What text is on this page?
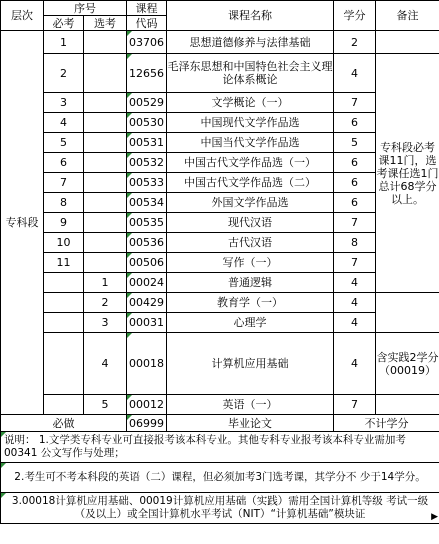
层次	序号		课程	课程名称	学分	备注
	必考	选考	代码			
专科段	1		03706	思想道德修养与法律基础	2	
	2		12656	毛泽东思想和中国特色社会主义理论体系概论	4	专科段必考课11门，选考课任选1门总计68学分以上。
	3		00529	文学概论（一）	7	
	4		00530	中国现代文学作品选	6	
	5		00531	中国当代文学作品选	5	
	6		00532	中国古代文学作品选（一）	6	
	7		00533	中国古代文学作品选（二）	6	
	8		00534	外国文学作品选	6	
	9		00535	现代汉语	7	
	10		00536	古代汉语	8	
	11		00506	写作（一）	7	
		1	00024	普通逻辑	4	
		2	00429	教育学（一）	4	
		3	00031	心理学	4	
		4	00018	计算机应用基础	4	含实践2学分（00019）
		5	00012	英语（一）	7	
必做			06999	毕业论文	不计学分	
说明： 1.文学类专科专业可直接报考该本科专业。其他专科专业报考该本科专业需加考00341 公文写作与处理；						
2.考生可不考本科段的英语（二）课程，但必须加考3门选考课，其学分不 少于14学分。						
3.00018计算机应用基础、00019计算机应用基础（实践）需用全国计算机等级 考试一级（及以上）或全国计算机水平考试（NIT）“计算机基础”模块证 ▶						
